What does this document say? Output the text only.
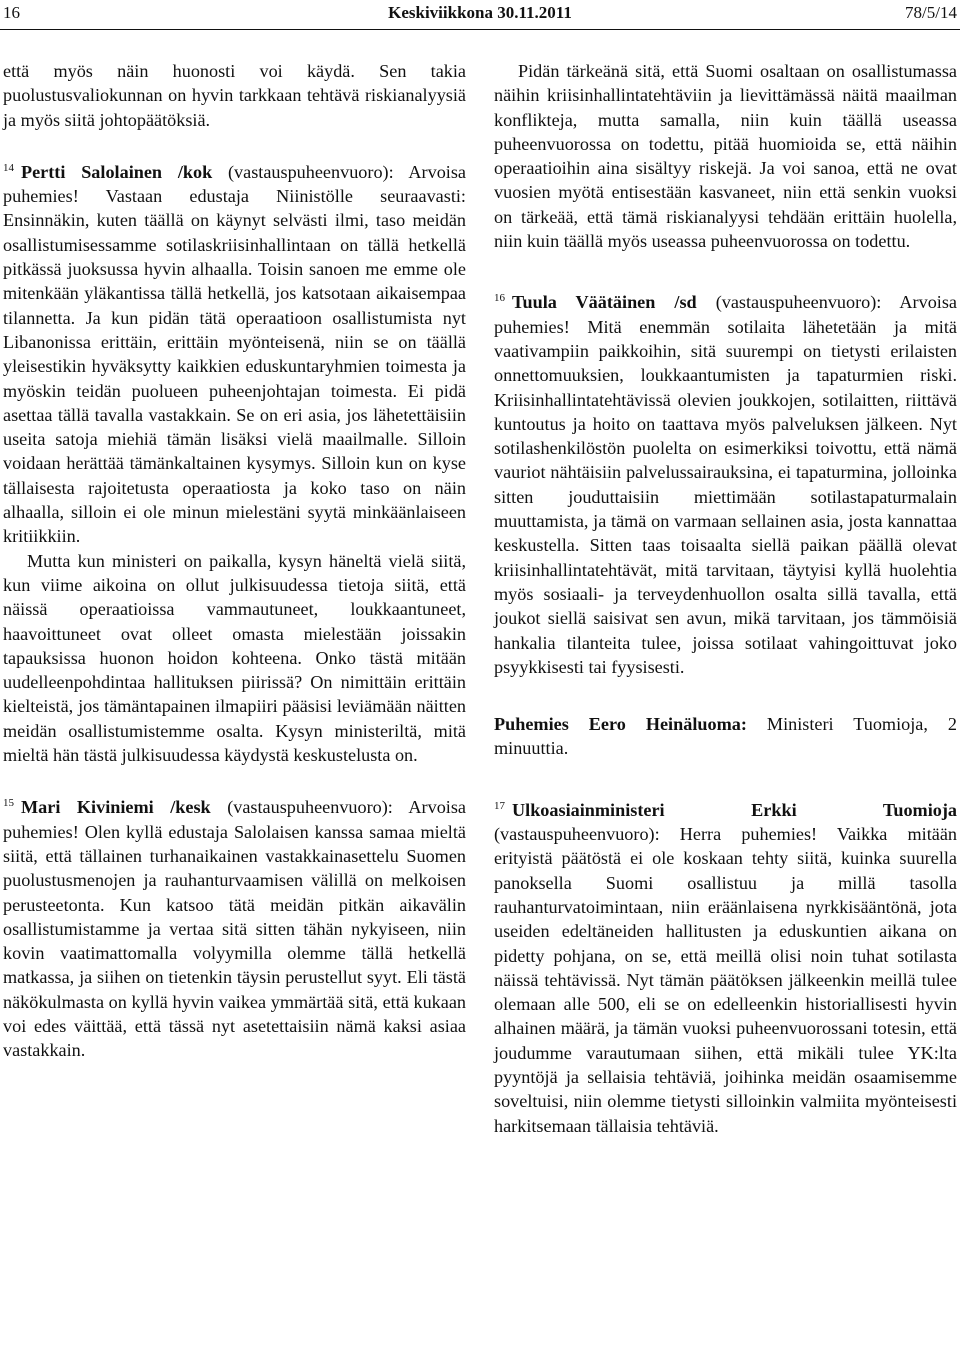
16	Keskiviikkona 30.11.2011	78/5/14

että myös näin huonosti voi käydä. Sen takia puolustusvaliokunnan on hyvin tarkkaan tehtävä riskianalyysiä ja myös siitä johtopäätöksiä.

$^{14}$ Pertti Salolainen /kok (vastauspuheenvuoro): Arvoisa puhemies! Vastaan edustaja Niinistölle seuraavasti: Ensinnäkin, kuten täällä on käynyt selvästi ilmi, taso meidän osallistumisessamme sotilaskriisinhallintaan on tällä hetkellä pitkässä juoksussa hyvin alhaalla. Toisin sanoen me emme ole mitenkään yläkantissa tällä hetkellä, jos katsotaan aikaisempaa tilannetta. Ja kun pidän tätä operaatioon osallistumista nyt Libanonissa erittäin, erittäin myönteisenä, niin se on täällä yleisestikin hyväksytty kaikkien eduskuntaryhmien toimesta ja myöskin teidän puolueen puheenjohtajan toimesta. Ei pidä asettaa tällä tavalla vastakkain. Se on eri asia, jos lähetettäisiin useita satoja miehiä tämän lisäksi vielä maailmalle. Silloin voidaan herättää tämänkaltainen kysymys. Silloin kun on kyse tällaisesta rajoitetusta operaatiosta ja koko taso on näin alhaalla, silloin ei ole minun mielestäni syytä minkäänlaiseen kritiikkiin.

Mutta kun ministeri on paikalla, kysyn häneltä vielä siitä, kun viime aikoina on ollut julkisuudessa tietoja siitä, että näissä operaatioissa vammautuneet, loukkaantuneet, haavoittuneet ovat olleet omasta mielestään joissakin tapauksissa huonon hoidon kohteena. Onko tästä mitään uudelleenpohdintaa hallituksen piirissä? On nimittäin erittäin kielteistä, jos tämäntapainen ilmapiiri pääsisi leviämään näitten meidän osallistumistemme osalta. Kysyn ministeriltä, mitä mieltä hän tästä julkisuudessa käydystä keskustelusta on.

$^{15}$ Mari Kiviniemi /kesk (vastauspuheenvuoro): Arvoisa puhemies! Olen kyllä edustaja Salolaisen kanssa samaa mieltä siitä, että tällainen turhanaikainen vastakkainasettelu Suomen puolustusmenojen ja rauhanturvaamisen välillä on melkoisen perusteetonta. Kun katsoo tätä meidän pitkän aikavälin osallistumistamme ja vertaa sitä sitten tähän nykyiseen, niin kovin vaatimattomalla volyymilla olemme tällä hetkellä matkassa, ja siihen on tietenkin täysin perustellut syyt. Eli tästä näkökulmasta on kyllä hyvin vaikea ymmärtää sitä, että kukaan voi edes väittää, että tässä nyt asetettaisiin nämä kaksi asiaa vastakkain.

Pidän tärkeänä sitä, että Suomi osaltaan on osallistumassa näihin kriisinhallintatehtäviin ja lievittämässä näitä maailman konflikteja, mutta samalla, niin kuin täällä useassa puheenvuorossa on todettu, pitää huomioida se, että näihin operaatioihin aina sisältyy riskejä. Ja voi sanoa, että ne ovat vuosien myötä entisestään kasvaneet, niin että senkin vuoksi on tärkeää, että tämä riskianalyysi tehdään erittäin huolella, niin kuin täällä myös useassa puheenvuorossa on todettu.

$^{16}$ Tuula Väätäinen /sd (vastauspuheenvuoro): Arvoisa puhemies! Mitä enemmän sotilaita lähetetään ja mitä vaativampiin paikkoihin, sitä suurempi on tietysti erilaisten onnettomuuksien, loukkaantumisten ja tapaturmien riski. Kriisinhallintatehtävissä olevien joukkojen, sotilaitten, riittävä kuntoutus ja hoito on taattava myös palveluksen jälkeen. Nyt sotilashenkilöstön puolelta on esimerkiksi toivottu, että nämä vauriot nähtäisiin palvelussairauksina, ei tapaturmina, jolloinka sitten jouduttaisiin miettimään sotilastapaturmalain muuttamista, ja tämä on varmaan sellainen asia, josta kannattaa keskustella. Sitten taas toisaalta siellä paikan päällä olevat kriisinhallintatehtävät, mitä tarvitaan, täytyisi kyllä huolehtia myös sosiaali- ja terveydenhuollon osalta sillä tavalla, että joukot siellä saisivat sen avun, mikä tarvitaan, jos tämmöisiä hankalia tilanteita tulee, joissa sotilaat vahingoittuvat joko psyykkisesti tai fyysisesti.

Puhemies Eero Heinäluoma: Ministeri Tuomioja, 2 minuuttia.

$^{17}$ Ulkoasiainministeri Erkki Tuomioja (vastauspuheenvuoro): Herra puhemies! Vaikka mitään erityistä päätöstä ei ole koskaan tehty siitä, kuinka suurella panoksella Suomi osallistuu ja millä tasolla rauhanturvatoimintaan, niin eräänlaisena nyrkkisääntönä, jota useiden edeltäneiden hallitusten ja eduskuntien aikana on pidetty pohjana, on se, että meillä olisi noin tuhat sotilasta näissä tehtävissä. Nyt tämän päätöksen jälkeenkin meillä tulee olemaan alle 500, eli se on edelleenkin historiallisesti hyvin alhainen määrä, ja tämän vuoksi puheenvuorossani totesin, että joudumme varautumaan siihen, että mikäli tulee YK:lta pyyntöjä ja sellaisia tehtäviä, joihinka meidän osaamisemme soveltuisi, niin olemme tietysti silloinkin valmiita myönteisesti harkitsemaan tällaisia tehtäviä.
